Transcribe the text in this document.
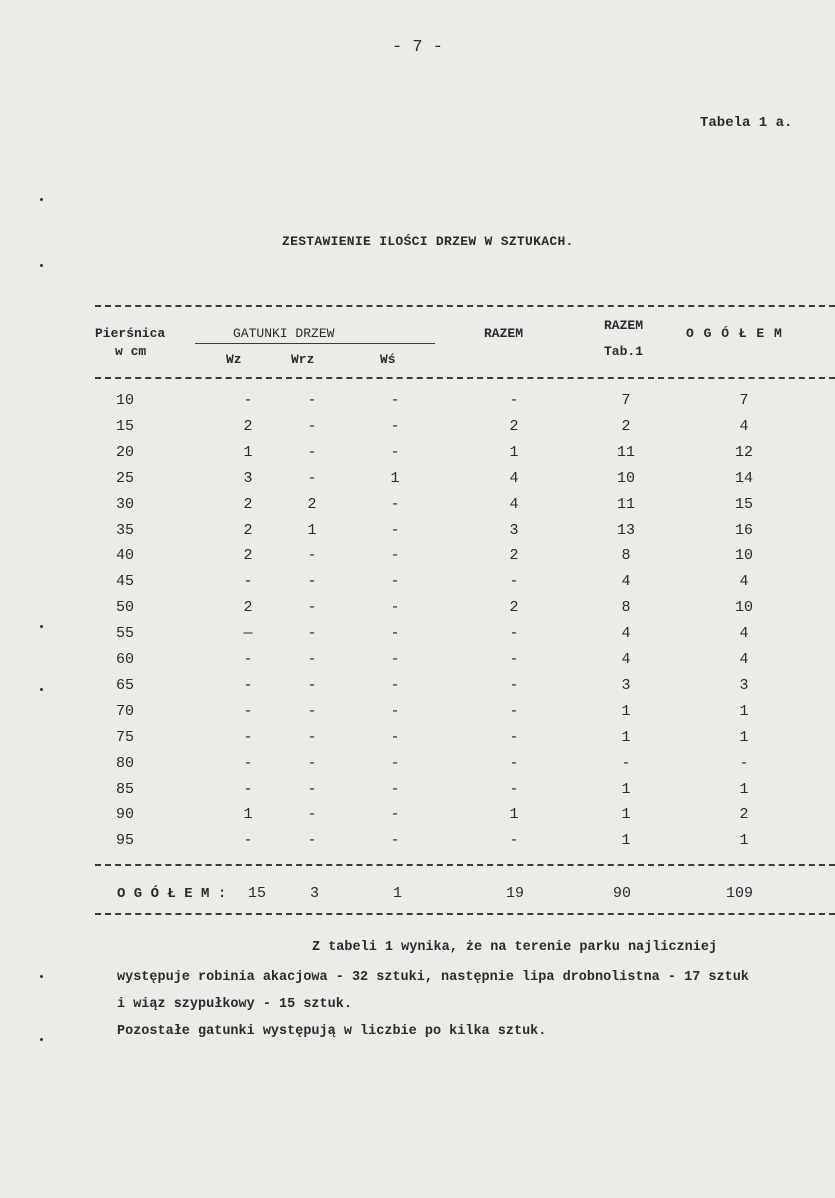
- 7 -
Tabela 1 a.
ZESTAWIENIE ILOŚCI DRZEW W SZTUKACH.
Pierśnica
w cm
GATUNKI DRZEW
Wz	Wrz	Wś
RAZEM
RAZEM
Tab.1
O G Ó Ł E M
10	-	-	-	-	7	7
15	2	-	-	2	2	4
20	1	-	-	1	11	12
25	3	-	1	4	10	14
30	2	2	-	4	11	15
35	2	1	-	3	13	16
40	2	-	-	2	8	10
45	-	-	-	-	4	4
50	2	-	-	2	8	10
55	—	-	-	-	4	4
60	-	-	-	-	4	4
65	-	-	-	-	3	3
70	-	-	-	-	1	1
75	-	-	-	-	1	1
80	-	-	-	-	-	-
85	-	-	-	-	1	1
90	1	-	-	1	1	2
95	-	-	-	-	1	1
O G Ó Ł E M : 15	3	1	19	90	109
Z tabeli 1 wynika, że na terenie parku najliczniej
występuje robinia akacjowa - 32 sztuki, następnie lipa drobnolistna - 17 sztuk
i wiąz szypułkowy - 15 sztuk.
Pozostałe gatunki występują w liczbie po kilka sztuk.
